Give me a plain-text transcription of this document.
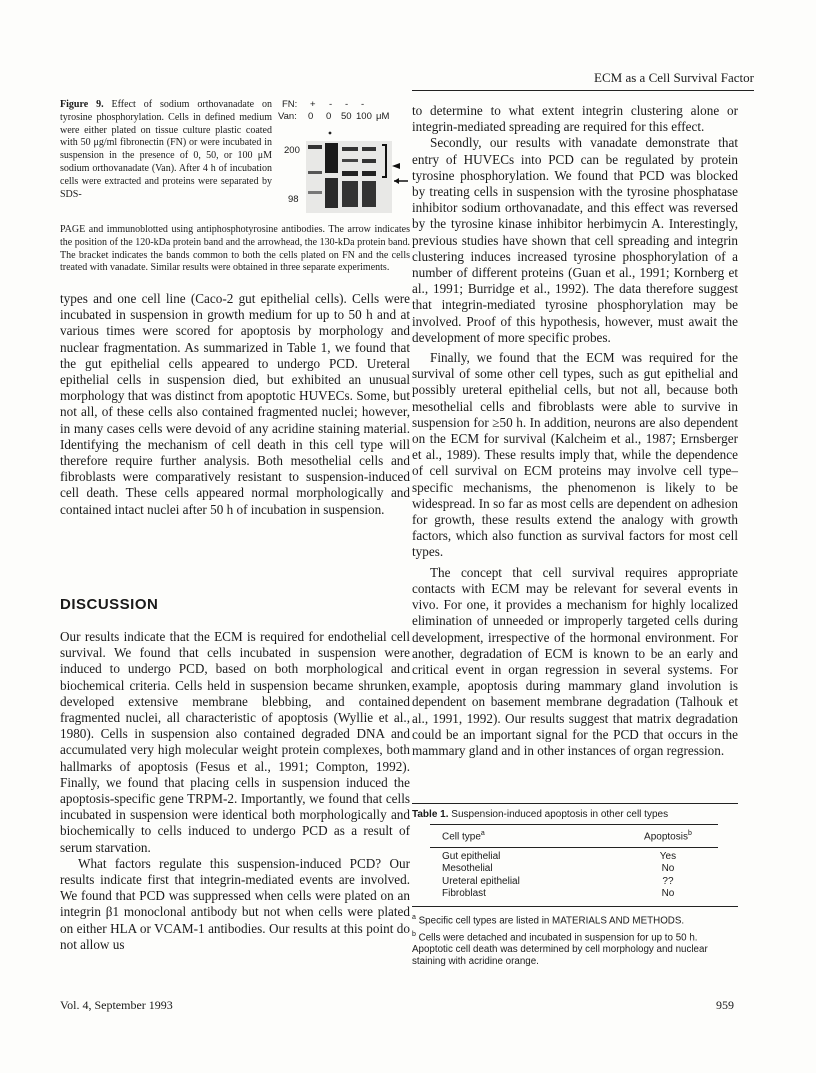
ECM as a Cell Survival Factor
Figure 9. Effect of sodium orthovanadate on tyrosine phosphorylation. Cells in defined medium were either plated on tissue culture plastic coated with 50 μg/ml fibronectin (FN) or were incubated in suspension in the presence of 0, 50, or 100 μM sodium orthovanadate (Van). After 4 h of incubation cells were extracted and proteins were separated by SDS-
FN: + - - -
Van: 0 0 50 100 μM
200
98
PAGE and immunoblotted using antiphosphotyrosine antibodies. The arrow indicates the position of the 120-kDa protein band and the arrowhead, the 130-kDa protein band. The bracket indicates the bands common to both the cells plated on FN and the cells treated with vanadate. Similar results were obtained in three separate experiments.

types and one cell line (Caco-2 gut epithelial cells). Cells were incubated in suspension in growth medium for up to 50 h and at various times were scored for apoptosis by morphology and nuclear fragmentation. As summarized in Table 1, we found that the gut epithelial cells appeared to undergo PCD. Ureteral epithelial cells in suspension died, but exhibited an unusual morphology that was distinct from apoptotic HUVECs. Some, but not all, of these cells also contained fragmented nuclei; however, in many cases cells were devoid of any acridine staining material. Identifying the mechanism of cell death in this cell type will therefore require further analysis. Both mesothelial cells and fibroblasts were comparatively resistant to suspension-induced cell death. These cells appeared normal morphologically and contained intact nuclei after 50 h of incubation in suspension.

DISCUSSION

Our results indicate that the ECM is required for endothelial cell survival. We found that cells incubated in suspension were induced to undergo PCD, based on both morphological and biochemical criteria. Cells held in suspension became shrunken, developed extensive membrane blebbing, and contained fragmented nuclei, all characteristic of apoptosis (Wyllie et al., 1980). Cells in suspension also contained degraded DNA and accumulated very high molecular weight protein complexes, both hallmarks of apoptosis (Fesus et al., 1991; Compton, 1992). Finally, we found that placing cells in suspension induced the apoptosis-specific gene TRPM-2. Importantly, we found that cells incubated in suspension were identical both morphologically and biochemically to cells induced to undergo PCD as a result of serum starvation.

What factors regulate this suspension-induced PCD? Our results indicate first that integrin-mediated events are involved. We found that PCD was suppressed when cells were plated on an integrin β1 monoclonal antibody but not when cells were plated on either HLA or VCAM-1 antibodies. Our results at this point do not allow us

to determine to what extent integrin clustering alone or integrin-mediated spreading are required for this effect.

Secondly, our results with vanadate demonstrate that entry of HUVECs into PCD can be regulated by protein tyrosine phosphorylation. We found that PCD was blocked by treating cells in suspension with the tyrosine phosphatase inhibitor sodium orthovanadate, and this effect was reversed by the tyrosine kinase inhibitor herbimycin A. Interestingly, previous studies have shown that cell spreading and integrin clustering induces increased tyrosine phosphorylation of a number of different proteins (Guan et al., 1991; Kornberg et al., 1991; Burridge et al., 1992). The data therefore suggest that integrin-mediated tyrosine phosphorylation may be involved. Proof of this hypothesis, however, must await the development of more specific probes.

Finally, we found that the ECM was required for the survival of some other cell types, such as gut epithelial and possibly ureteral epithelial cells, but not all, because both mesothelial cells and fibroblasts were able to survive in suspension for ≥50 h. In addition, neurons are also dependent on the ECM for survival (Kalcheim et al., 1987; Ernsberger et al., 1989). These results imply that, while the dependence of cell survival on ECM proteins may involve cell type–specific mechanisms, the phenomenon is likely to be widespread. In so far as most cells are dependent on adhesion for growth, these results extend the analogy with growth factors, which also function as survival factors for most cell types.

The concept that cell survival requires appropriate contacts with ECM may be relevant for several events in vivo. For one, it provides a mechanism for highly localized elimination of unneeded or improperly targeted cells during development, irrespective of the hormonal environment. For another, degradation of ECM is known to be an early and critical event in organ regression in several systems. For example, apoptosis during mammary gland involution is dependent on basement membrane degradation (Talhouk et al., 1991, 1992). Our results suggest that matrix degradation could be an important signal for the PCD that occurs in the mammary gland and in other instances of organ regression.

Table 1. Suspension-induced apoptosis in other cell types
Cell type$^a$	Apoptosis$^b$
Gut epithelial	Yes
Mesothelial	No
Ureteral epithelial	??
Fibroblast	No
$^a$ Specific cell types are listed in MATERIALS AND METHODS.
$^b$ Cells were detached and incubated in suspension for up to 50 h. Apoptotic cell death was determined by cell morphology and nuclear staining with acridine orange.
Vol. 4, September 1993	959
